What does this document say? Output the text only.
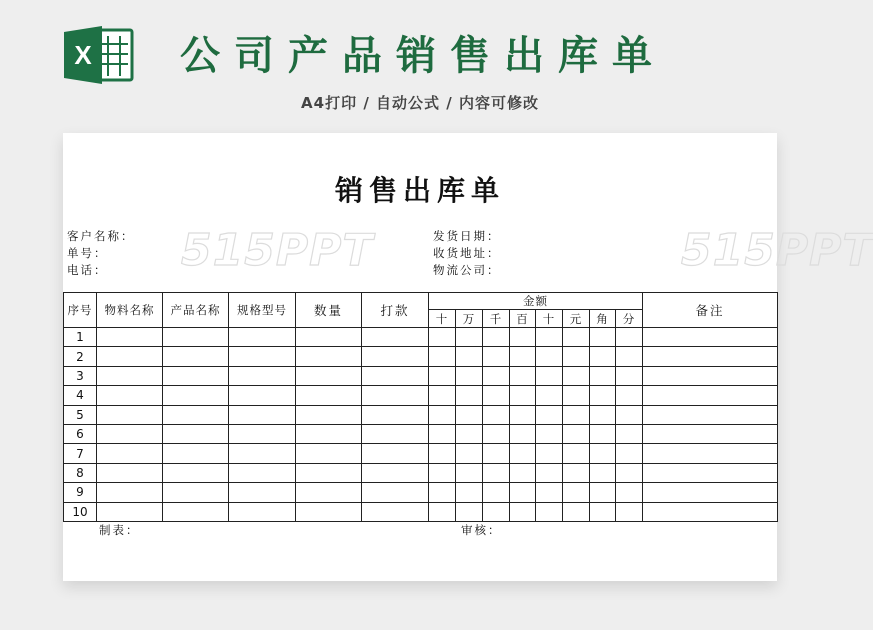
X 公司产品销售出库单
A4打印 / 自动公式 / 内容可修改
销售出库单
515PPT	515PPT
客户名称：
单号：
电话：
发货日期：
收货地址：
物流公司：
序号	物料名称	产品名称	规格型号	数量	打款	金额								备注
						十	万	千	百	十	元	角	分	
1														
2														
3														
4														
5														
6														
7														
8														
9														
10														
制表：	审核：
